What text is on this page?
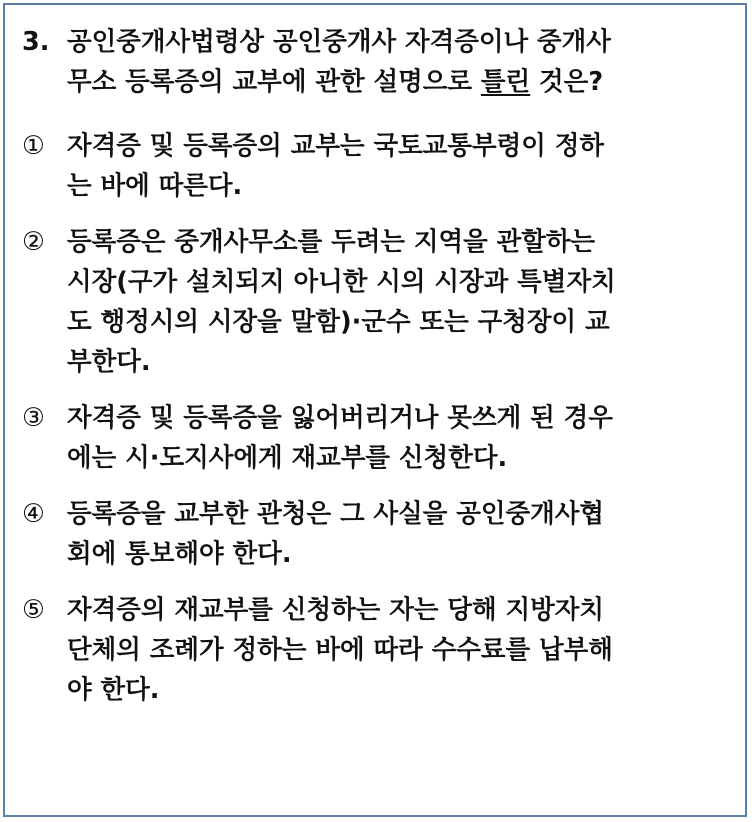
3. 공인중개사법령상 공인중개사 자격증이나 중개사
무소 등록증의 교부에 관한 설명으로 틀린 것은?
① 자격증 및 등록증의 교부는 국토교통부령이 정하
는 바에 따른다.
② 등록증은 중개사무소를 두려는 지역을 관할하는
시장(구가 설치되지 아니한 시의 시장과 특별자치
도 행정시의 시장을 말함)·군수 또는 구청장이 교
부한다.
③ 자격증 및 등록증을 잃어버리거나 못쓰게 된 경우
에는 시·도지사에게 재교부를 신청한다.
④ 등록증을 교부한 관청은 그 사실을 공인중개사협
회에 통보해야 한다.
⑤ 자격증의 재교부를 신청하는 자는 당해 지방자치
단체의 조례가 정하는 바에 따라 수수료를 납부해
야 한다.
